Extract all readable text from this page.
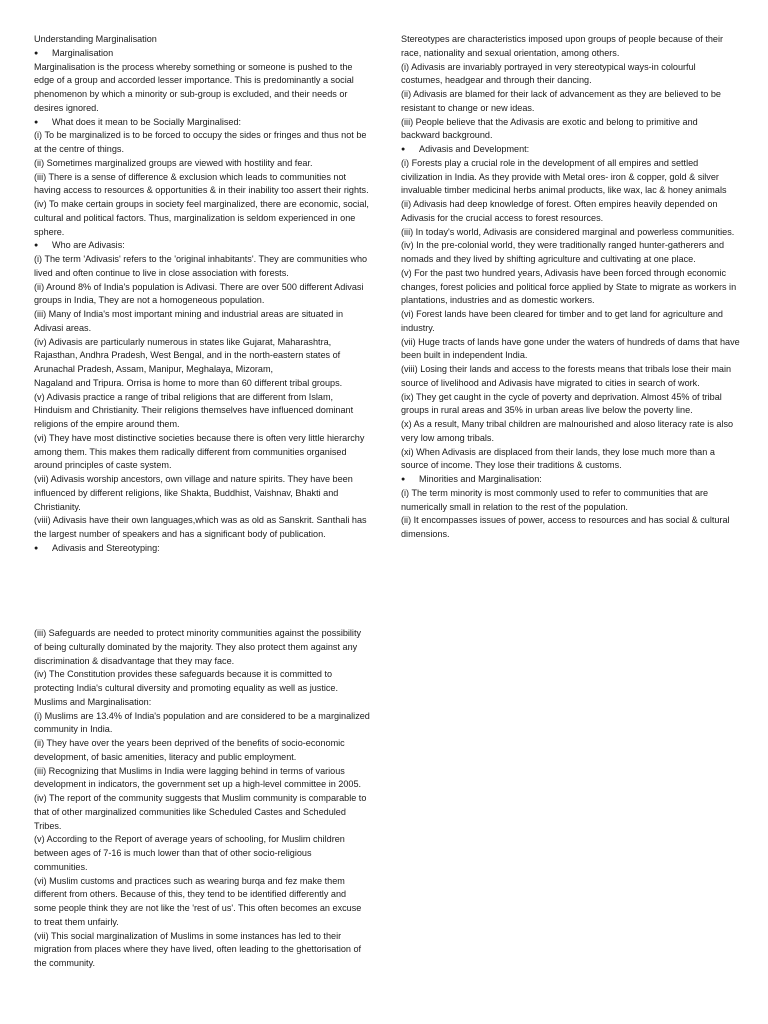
Understanding Marginalisation
● Marginalisation
Marginalisation is the process whereby something or someone is pushed to the
edge of a group and accorded lesser importance. This is predominantly a social
phenomenon by which a minority or sub-group is excluded, and their needs or
desires ignored.
● What does it mean to be Socially Marginalised:
(i) To be marginalized is to be forced to occupy the sides or fringes and thus not be
at the centre of things.
(ii) Sometimes marginalized groups are viewed with hostility and fear.
(iii) There is a sense of difference & exclusion which leads to communities not
having access to resources & opportunities & in their inability too assert their rights.
(iv) To make certain groups in society feel marginalized, there are economic, social,
cultural and political factors. Thus, marginalization is seldom experienced in one
sphere.
● Who are Adivasis:
(i) The term 'Adivasis' refers to the 'original inhabitants'. They are communities who
lived and often continue to live in close association with forests.
(ii) Around 8% of India's population is Adivasi. There are over 500 different Adivasi
groups in India, They are not a homogeneous population.
(iii) Many of India's most important mining and industrial areas are situated in
Adivasi areas.
(iv) Adivasis are particularly numerous in states like Gujarat, Maharashtra,
Rajasthan, Andhra Pradesh, West Bengal, and in the north-eastern states of
Arunachal Pradesh, Assam, Manipur, Meghalaya, Mizoram,
Nagaland and Tripura. Orrisa is home to more than 60 different tribal groups.
(v) Adivasis practice a range of tribal religions that are different from Islam,
Hinduism and Christianity. Their religions themselves have influenced dominant
religions of the empire around them.
(vi) They have most distinctive societies because there is often very little hierarchy
among them. This makes them radically different from communities organised
around principles of caste system.
(vii) Adivasis worship ancestors, own village and nature spirits. They have been
influenced by different religions, like Shakta, Buddhist, Vaishnav, Bhakti and
Christianity.
(viii) Adivasis have their own languages,which was as old as Sanskrit. Santhali has
the largest number of speakers and has a significant body of publication.
● Adivasis and Stereotyping:
Stereotypes are characteristics imposed upon groups of people because of their
race, nationality and sexual orientation, among others.
(i) Adivasis are invariably portrayed in very stereotypical ways-in colourful
costumes, headgear and through their dancing.
(ii) Adivasis are blamed for their lack of advancement as they are believed to be
resistant to change or new ideas.
(iii) People believe that the Adivasis are exotic and belong to primitive and
backward background.
● Adivasis and Development:
(i) Forests play a crucial role in the development of all empires and settled
civilization in India. As they provide with Metal ores- iron & copper, gold & silver
invaluable timber medicinal herbs animal products, like wax, lac & honey animals
(ii) Adivasis had deep knowledge of forest. Often empires heavily depended on
Adivasis for the crucial access to forest resources.
(iii) In today's world, Adivasis are considered marginal and powerless communities.
(iv) In the pre-colonial world, they were traditionally ranged hunter-gatherers and
nomads and they lived by shifting agriculture and cultivating at one place.
(v) For the past two hundred years, Adivasis have been forced through economic
changes, forest policies and political force applied by State to migrate as workers in
plantations, industries and as domestic workers.
(vi) Forest lands have been cleared for timber and to get land for agriculture and
industry.
(vii) Huge tracts of lands have gone under the waters of hundreds of dams that have
been built in independent India.
(viii) Losing their lands and access to the forests means that tribals lose their main
source of livelihood and Adivasis have migrated to cities in search of work.
(ix) They get caught in the cycle of poverty and deprivation. Almost 45% of tribal
groups in rural areas and 35% in urban areas live below the poverty line.
(x) As a result, Many tribal children are malnourished and aloso literacy rate is also
very low among tribals.
(xi) When Adivasis are displaced from their lands, they lose much more than a
source of income. They lose their traditions & customs.
● Minorities and Marginalisation:
(i) The term minority is most commonly used to refer to communities that are
numerically small in relation to the rest of the population.
(ii) It encompasses issues of power, access to resources and has social & cultural
dimensions.
(iii) Safeguards are needed to protect minority communities against the possibility
of being culturally dominated by the majority. They also protect them against any
discrimination & disadvantage that they may face.
(iv) The Constitution provides these safeguards because it is committed to
protecting India's cultural diversity and promoting equality as well as justice.
Muslims and Marginalisation:
(i) Muslims are 13.4% of India's population and are considered to be a marginalized
community in India.
(ii) They have over the years been deprived of the benefits of socio-economic
development, of basic amenities, literacy and public employment.
(iii) Recognizing that Muslims in India were lagging behind in terms of various
development in indicators, the government set up a high-level committee in 2005.
(iv) The report of the community suggests that Muslim community is comparable to
that of other marginalized communities like Scheduled Castes and Scheduled
Tribes.
(v) According to the Report of average years of schooling, for Muslim children
between ages of 7-16 is much lower than that of other socio-religious
communities.
(vi) Muslim customs and practices such as wearing burqa and fez make them
different from others. Because of this, they tend to be identified differently and
some people think they are not like the 'rest of us'. This often becomes an excuse
to treat them unfairly.
(vii) This social marginalization of Muslims in some instances has led to their
migration from places where they have lived, often leading to the ghettorisation of
the community.
